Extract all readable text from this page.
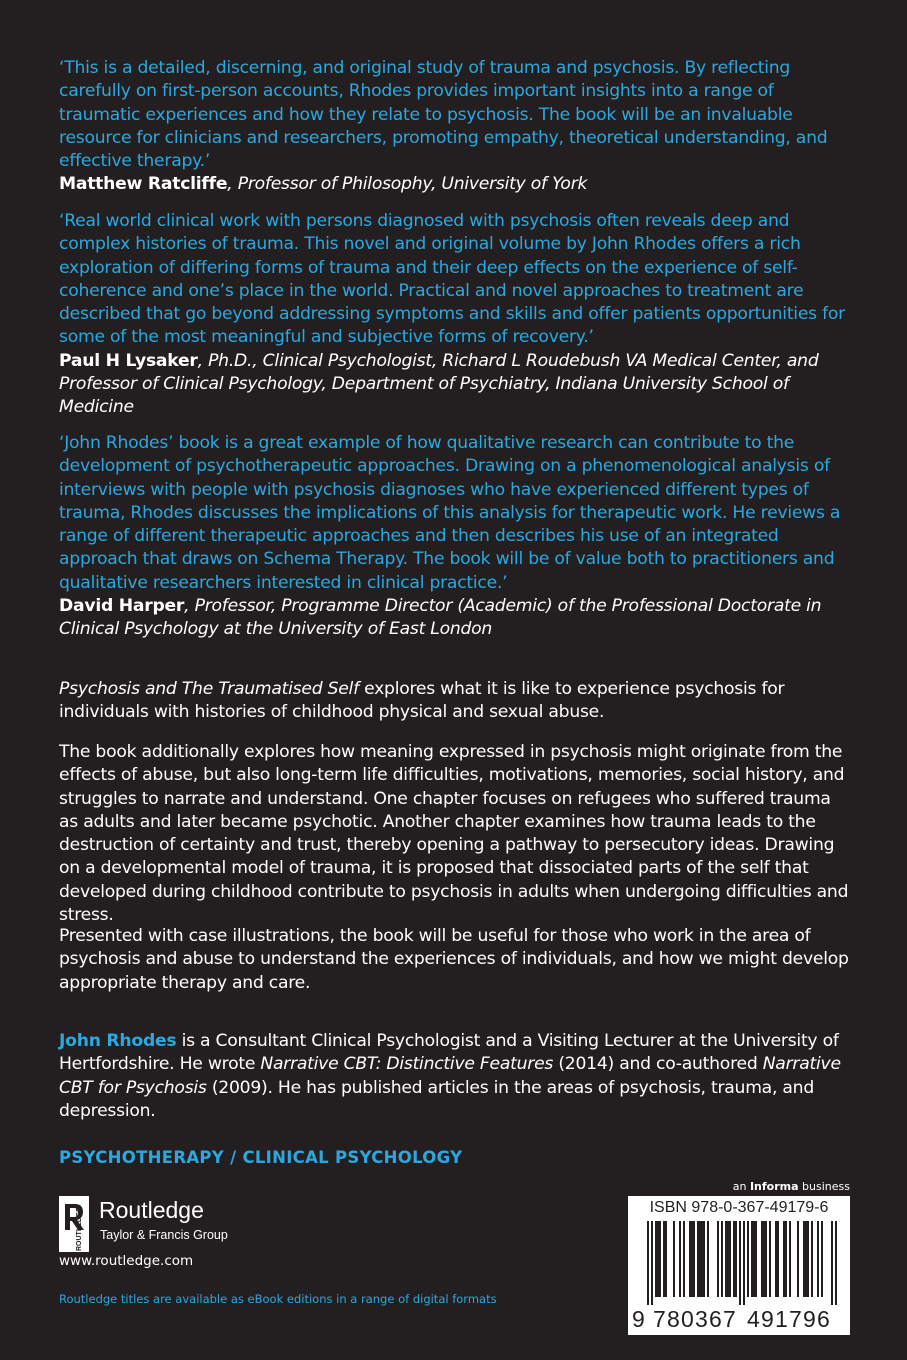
‘This is a detailed, discerning, and original study of trauma and psychosis. By reflecting carefully on first-person accounts, Rhodes provides important insights into a range of traumatic experiences and how they relate to psychosis. The book will be an invaluable resource for clinicians and researchers, promoting empathy, theoretical understanding, and effective therapy.’
Matthew Ratcliffe, Professor of Philosophy, University of York
‘Real world clinical work with persons diagnosed with psychosis often reveals deep and complex histories of trauma. This novel and original volume by John Rhodes offers a rich exploration of differing forms of trauma and their deep effects on the experience of self-coherence and one’s place in the world. Practical and novel approaches to treatment are described that go beyond addressing symptoms and skills and offer patients opportunities for some of the most meaningful and subjective forms of recovery.’
Paul H Lysaker, Ph.D., Clinical Psychologist, Richard L Roudebush VA Medical Center, and Professor of Clinical Psychology, Department of Psychiatry, Indiana University School of Medicine
‘John Rhodes’ book is a great example of how qualitative research can contribute to the development of psychotherapeutic approaches. Drawing on a phenomenological analysis of interviews with people with psychosis diagnoses who have experienced different types of trauma, Rhodes discusses the implications of this analysis for therapeutic work. He reviews a range of different therapeutic approaches and then describes his use of an integrated approach that draws on Schema Therapy. The book will be of value both to practitioners and qualitative researchers interested in clinical practice.’
David Harper, Professor, Programme Director (Academic) of the Professional Doctorate in Clinical Psychology at the University of East London
Psychosis and The Traumatised Self explores what it is like to experience psychosis for individuals with histories of childhood physical and sexual abuse.
The book additionally explores how meaning expressed in psychosis might originate from the effects of abuse, but also long-term life difficulties, motivations, memories, social history, and struggles to narrate and understand. One chapter focuses on refugees who suffered trauma as adults and later became psychotic. Another chapter examines how trauma leads to the destruction of certainty and trust, thereby opening a pathway to persecutory ideas. Drawing on a developmental model of trauma, it is proposed that dissociated parts of the self that developed during childhood contribute to psychosis in adults when undergoing difficulties and stress.
Presented with case illustrations, the book will be useful for those who work in the area of psychosis and abuse to understand the experiences of individuals, and how we might develop appropriate therapy and care.
John Rhodes is a Consultant Clinical Psychologist and a Visiting Lecturer at the University of Hertfordshire. He wrote Narrative CBT: Distinctive Features (2014) and co-authored Narrative CBT for Psychosis (2009). He has published articles in the areas of psychosis, trauma, and depression.
PSYCHOTHERAPY / CLINICAL PSYCHOLOGY
ROUTLEDGE Routledge
Taylor & Francis Group
www.routledge.com
Routledge titles are available as eBook editions in a range of digital formats
an Informa business
ISBN 978-0-367-49179-6
9 7 8 0 3 6 7 4 9 1 7 9 6
